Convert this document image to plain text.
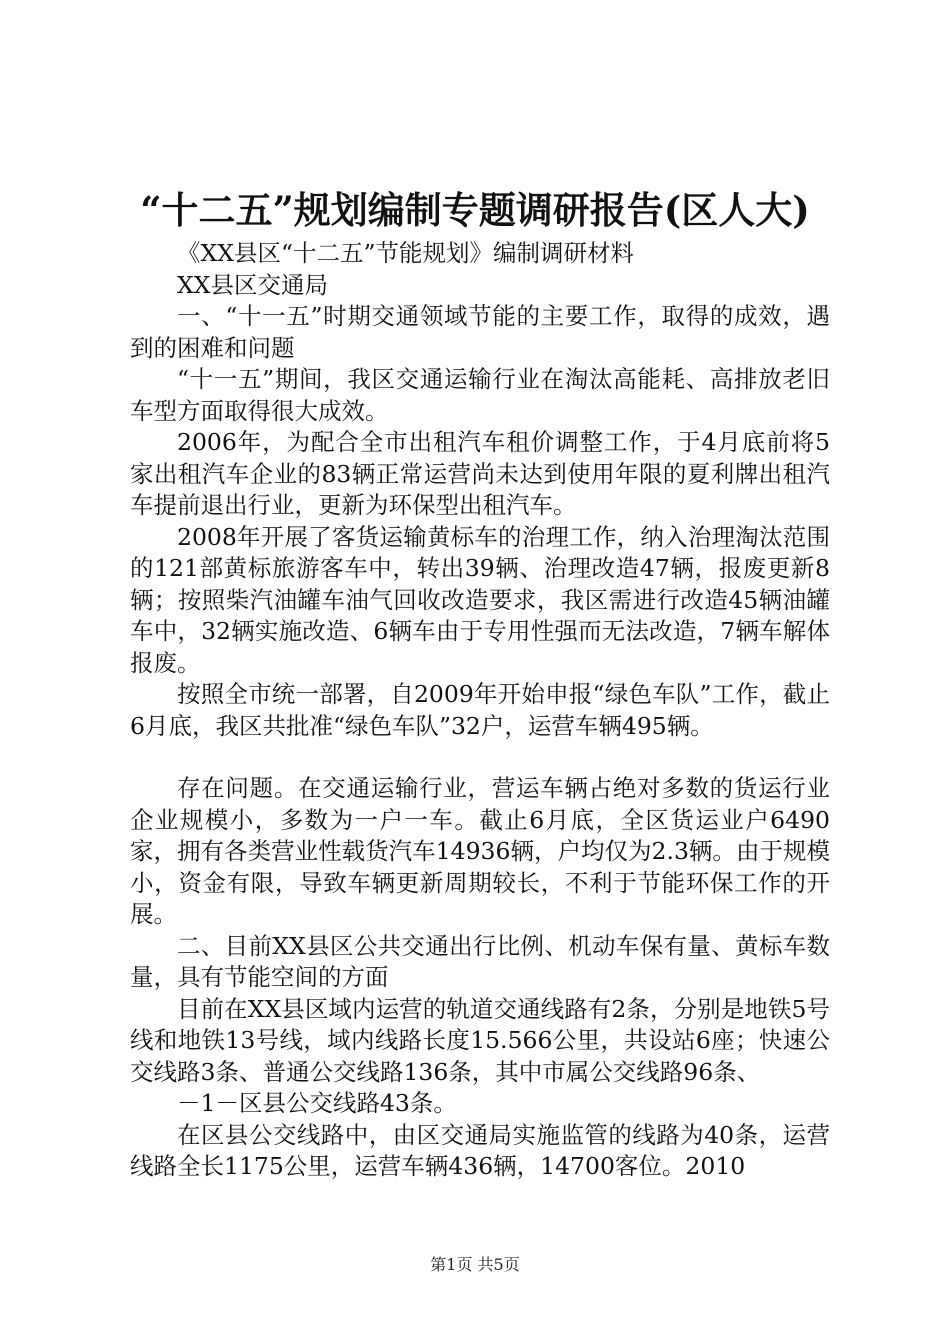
“十二五”规划编制专题调研报告(区人大)

《XX县区“十二五”节能规划》编制调研材料

XX县区交通局

一、“十一五”时期交通领域节能的主要工作，取得的成效，遇到的困难和问题

“十一五”期间，我区交通运输行业在淘汰高能耗、高排放老旧车型方面取得很大成效。

2006年，为配合全市出租汽车租价调整工作，于4月底前将5家出租汽车企业的83辆正常运营尚未达到使用年限的夏利牌出租汽车提前退出行业，更新为环保型出租汽车。

2008年开展了客货运输黄标车的治理工作，纳入治理淘汰范围的121部黄标旅游客车中，转出39辆、治理改造47辆，报废更新8辆；按照柴汽油罐车油气回收改造要求，我区需进行改造45辆油罐车中，32辆实施改造、6辆车由于专用性强而无法改造，7辆车解体报废。

按照全市统一部署，自2009年开始申报“绿色车队”工作，截止6月底，我区共批准“绿色车队”32户，运营车辆495辆。

存在问题。在交通运输行业，营运车辆占绝对多数的货运行业企业规模小，多数为一户一车。截止6月底，全区货运业户6490家，拥有各类营业性载货汽车14936辆，户均仅为2.3辆。由于规模小，资金有限，导致车辆更新周期较长，不利于节能环保工作的开展。

二、目前XX县区公共交通出行比例、机动车保有量、黄标车数量，具有节能空间的方面

目前在XX县区域内运营的轨道交通线路有2条，分别是地铁5号线和地铁13号线，域内线路长度15.566公里，共设站6座；快速公交线路3条、普通公交线路136条，其中市属公交线路96条、

－1－区县公交线路43条。

在区县公交线路中，由区交通局实施监管的线路为40条，运营线路全长1175公里，运营车辆436辆，14700客位。2010

第1页 共5页
